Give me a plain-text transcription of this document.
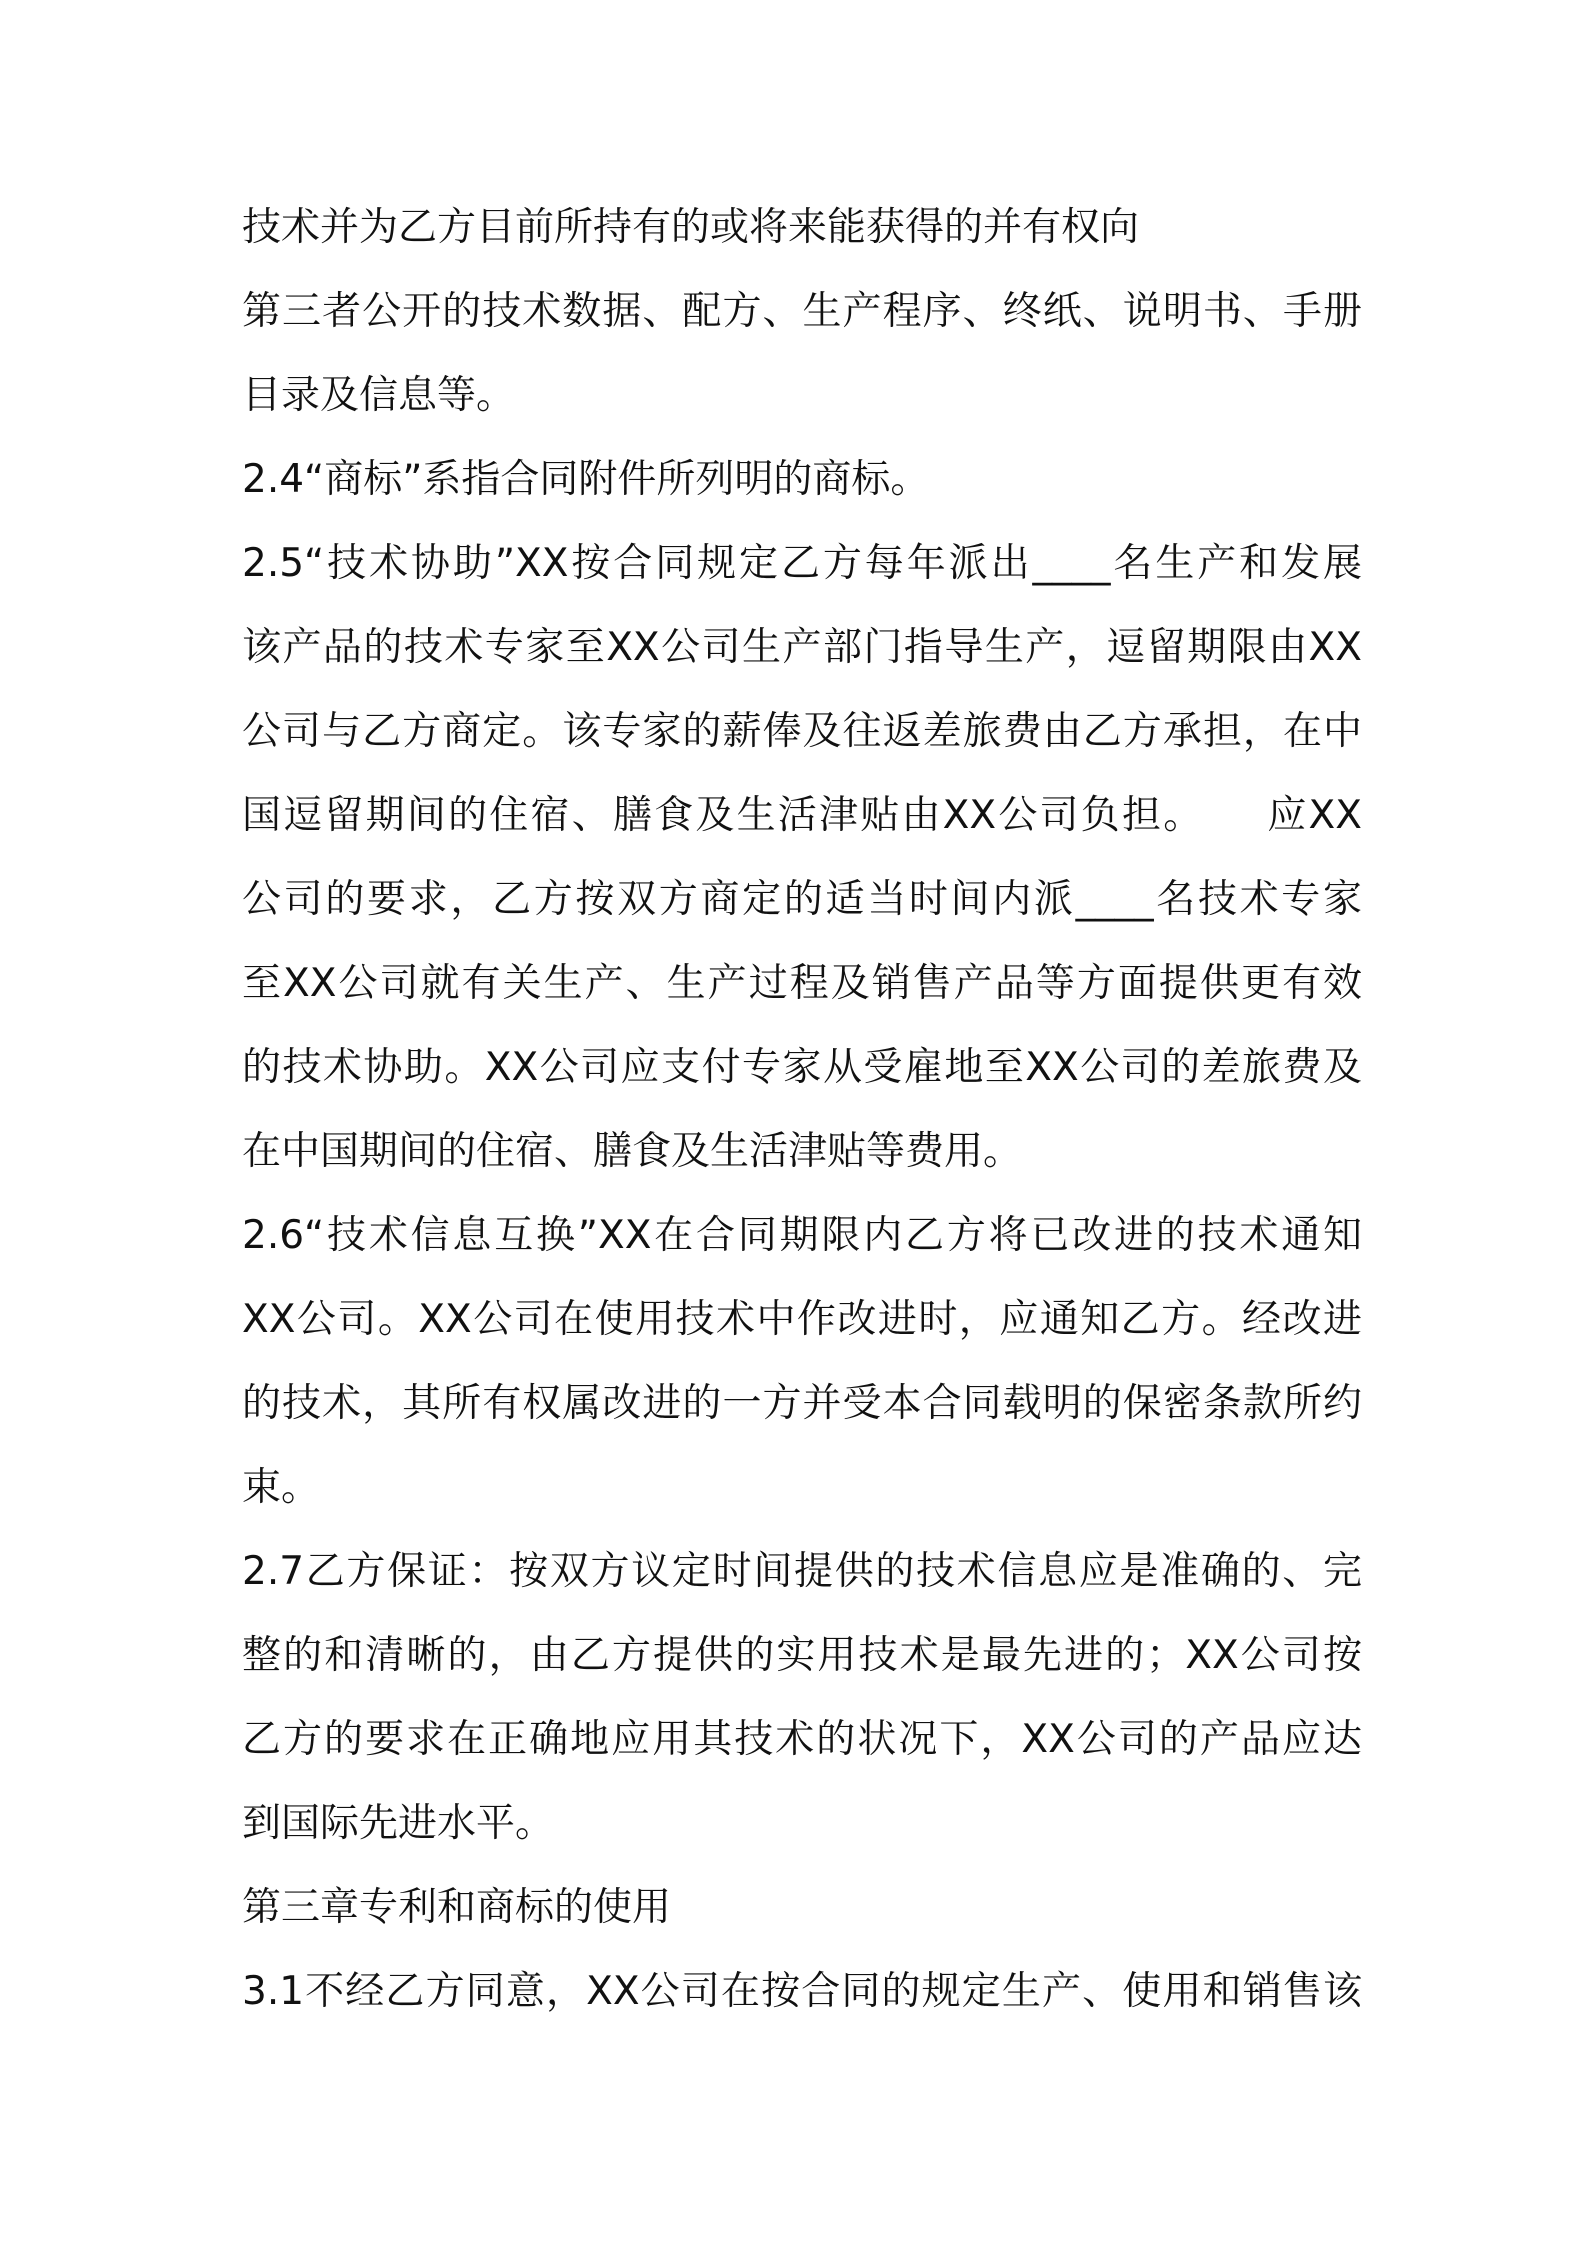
技术并为乙方目前所持有的或将来能获得的并有权向
第三者公开的技术数据、配方、生产程序、终纸、说明书、手册
目录及信息等。
2.4“商标”系指合同附件所列明的商标。
2.5“技术协助”XX按合同规定乙方每年派出____名生产和发展
该产品的技术专家至XX公司生产部门指导生产，逗留期限由XX
公司与乙方商定。该专家的薪俸及往返差旅费由乙方承担，在中
国逗留期间的住宿、膳食及生活津贴由XX公司负担。　　应XX
公司的要求，乙方按双方商定的适当时间内派____名技术专家
至XX公司就有关生产、生产过程及销售产品等方面提供更有效
的技术协助。XX公司应支付专家从受雇地至XX公司的差旅费及
在中国期间的住宿、膳食及生活津贴等费用。
2.6“技术信息互换”XX在合同期限内乙方将已改进的技术通知
XX公司。XX公司在使用技术中作改进时，应通知乙方。经改进
的技术，其所有权属改进的一方并受本合同载明的保密条款所约
束。
2.7乙方保证：按双方议定时间提供的技术信息应是准确的、完
整的和清晰的，由乙方提供的实用技术是最先进的；XX公司按
乙方的要求在正确地应用其技术的状况下，XX公司的产品应达
到国际先进水平。
第三章专利和商标的使用
3.1不经乙方同意，XX公司在按合同的规定生产、使用和销售该
